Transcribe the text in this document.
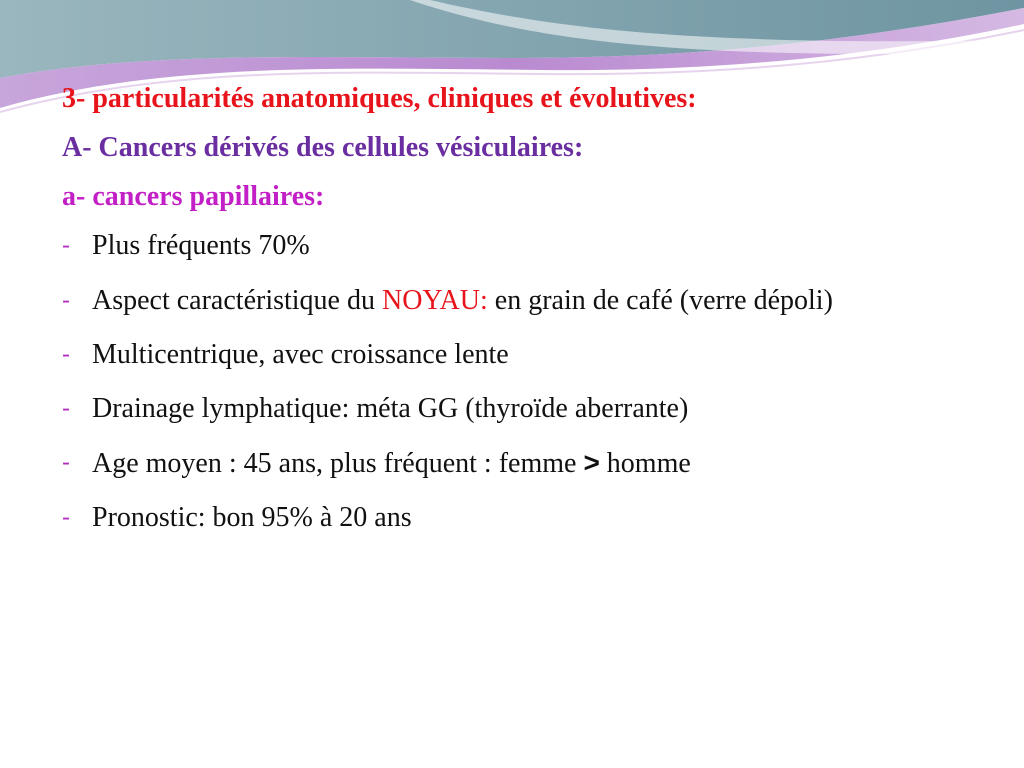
3- particularités anatomiques, cliniques et évolutives:
A- Cancers dérivés des cellules vésiculaires:
a- cancers papillaires:
- Plus fréquents 70%
- Aspect caractéristique du NOYAU: en grain de café (verre dépoli)
- Multicentrique, avec croissance lente
- Drainage lymphatique: méta GG (thyroïde aberrante)
- Age moyen : 45 ans, plus fréquent : femme > homme
- Pronostic: bon 95% à 20 ans
